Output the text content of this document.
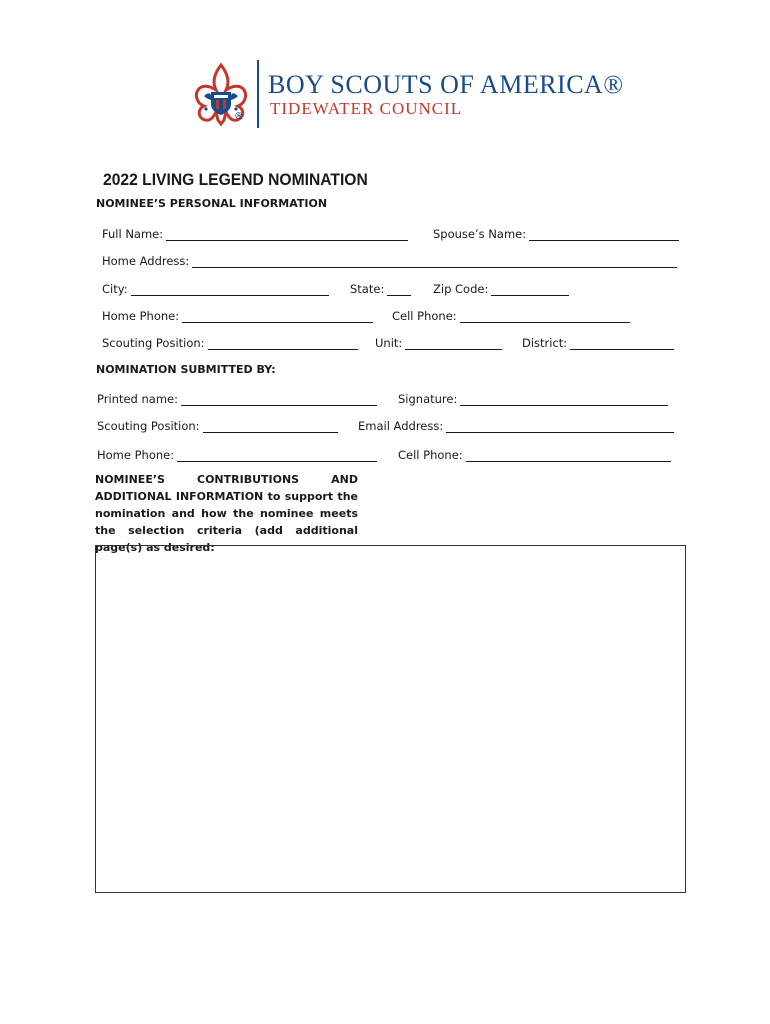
®
BOY SCOUTS OF AMERICA®
TIDEWATER COUNCIL
2022 LIVING LEGEND NOMINATION
NOMINEE’S PERSONAL INFORMATION
Full Name:	Spouse’s Name:
Home Address:
City:	State:	Zip Code:
Home Phone:	Cell Phone:
Scouting Position:	Unit:	District:
NOMINATION SUBMITTED BY:
Printed name:	Signature:
Scouting Position:	Email Address:
Home Phone:	Cell Phone:
NOMINEE’S CONTRIBUTIONS AND ADDITIONAL INFORMATION to support the nomination and how the nominee meets the selection criteria (add additional page(s) as desired:
